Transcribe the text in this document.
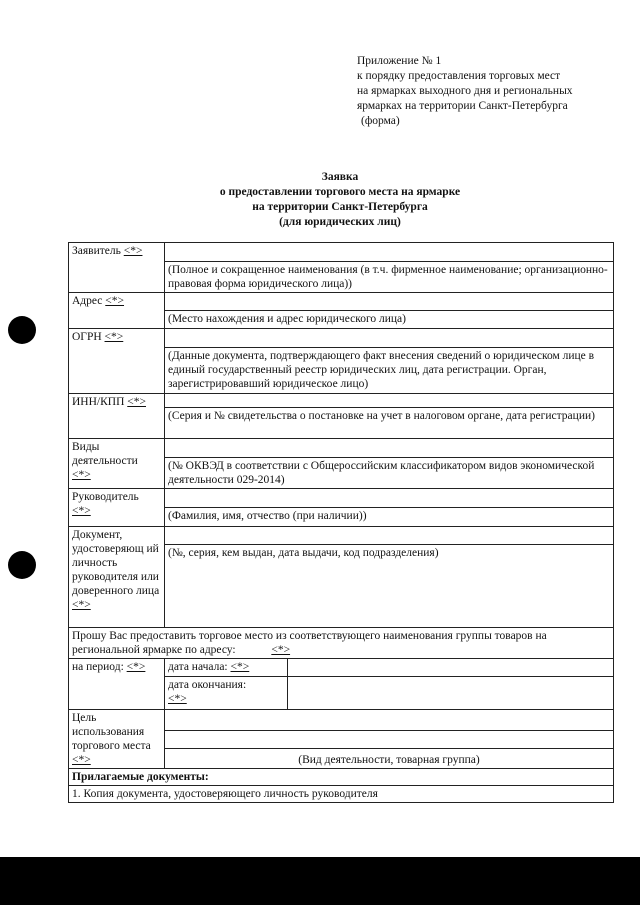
Приложение № 1
к порядку предоставления торговых мест
на ярмарках выходного дня и региональных
ярмарках на территории Санкт-Петербурга
(форма)
Заявка
о предоставлении торгового места на ярмарке
на территории Санкт-Петербурга
(для юридических лиц)
Заявитель <*>		
	(Полное и сокращенное наименования (в т.ч. фирменное наименование; организационно-правовая форма юридического лица))	
Адрес <*>		
	(Место нахождения и адрес юридического лица)	
ОГРН <*>		
	(Данные документа, подтверждающего факт внесения сведений о юридическом лице в единый государственный реестр юридических лиц, дата регистрации. Орган, зарегистрировавший юридическое лицо)	
ИНН/КПП <*>		
	(Серия и № свидетельства о постановке на учет в налоговом органе, дата регистрации)	
Виды деятельности
<*>		
	(№ ОКВЭД в соответствии с Общероссийским классификатором видов экономической деятельности 029-2014)	
Руководитель
<*>		
	(Фамилия, имя, отчество (при наличии))	
Документ, удостоверяющ ий личность руководителя или доверенного лица <*>		
	(№, серия, кем выдан, дата выдачи, код подразделения)	
Прошу Вас предоставить торговое место из соответствующего наименования группы товаров на региональной ярмарке по адресу: <*>		
на период: <*>	дата начала: <*>	
	дата окончания:
<*>	
Цель использования торгового места <*>		

	(Вид деятельности, товарная группа)	
Прилагаемые документы:		
1. Копия документа, удостоверяющего личность руководителя		
